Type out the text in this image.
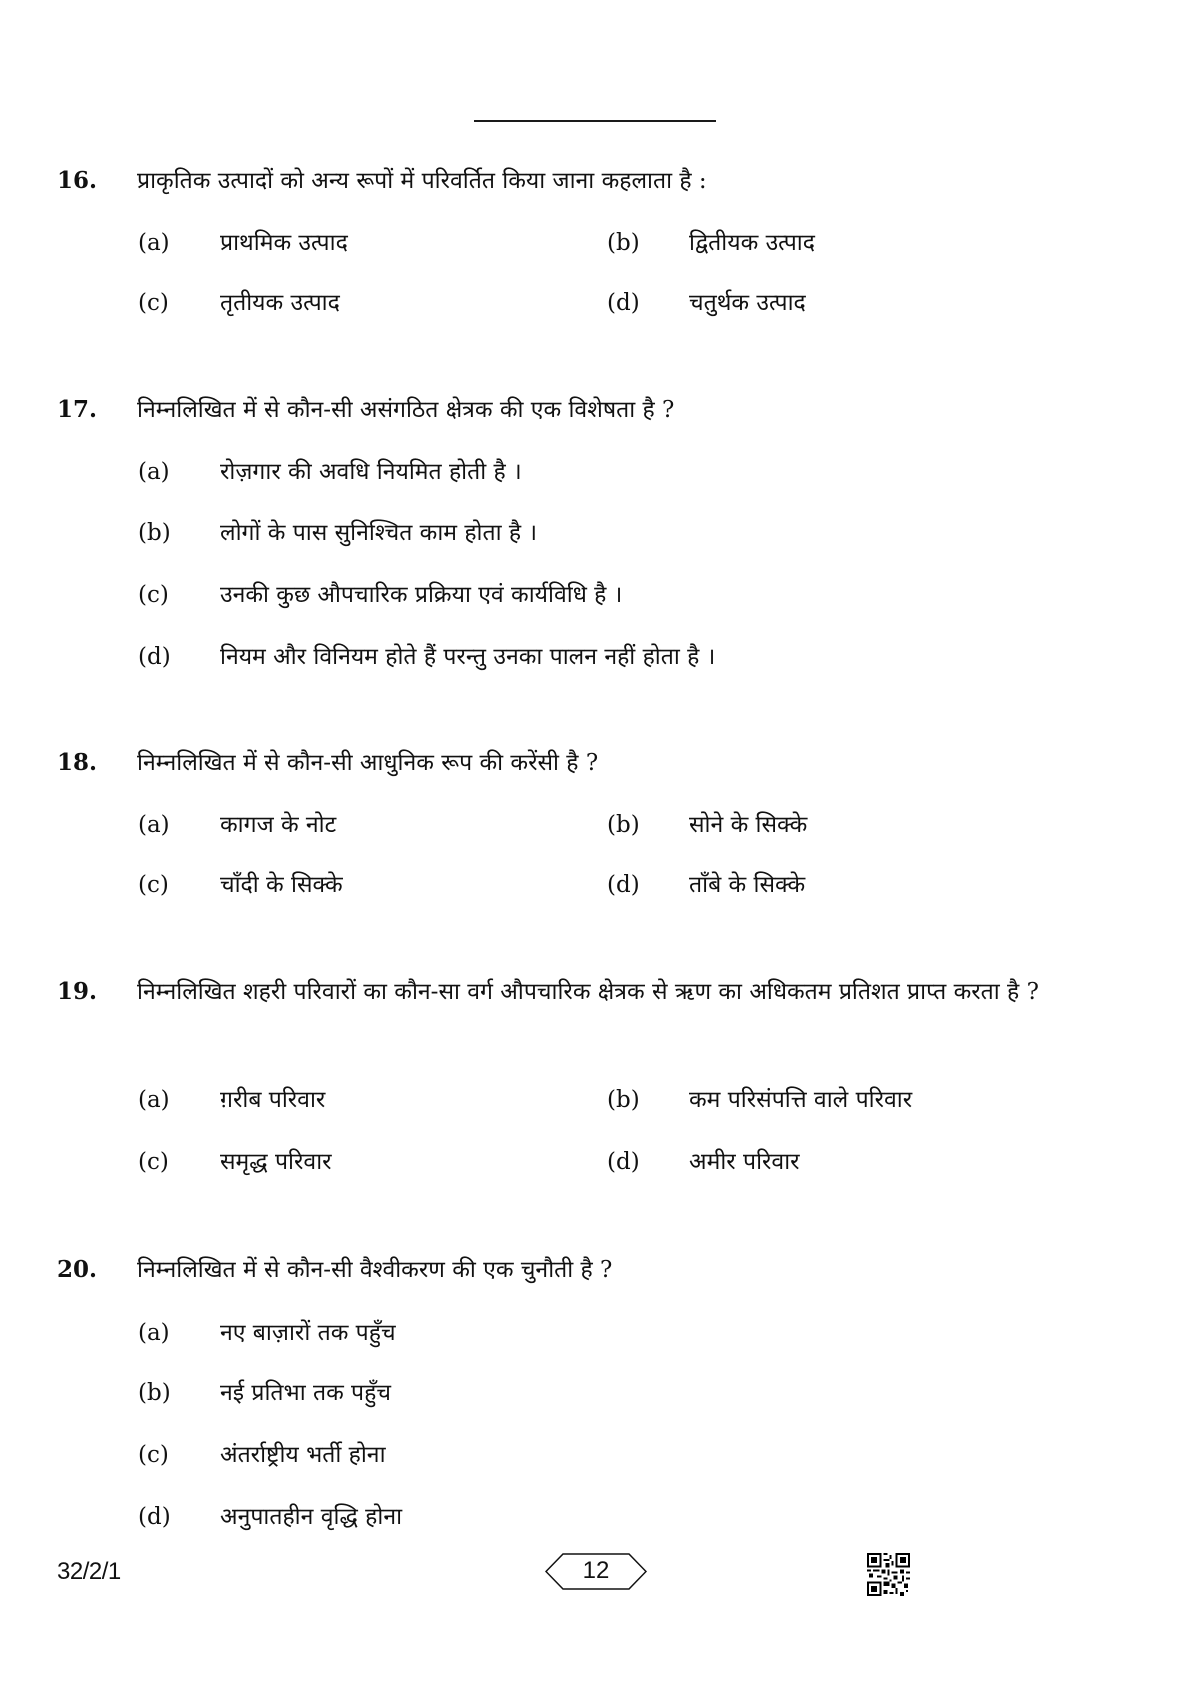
16. प्राकृतिक उत्पादों को अन्य रूपों में परिवर्तित किया जाना कहलाता है :
(a) प्राथमिक उत्पाद	(b) द्वितीयक उत्पाद
(c) तृतीयक उत्पाद	(d) चतुर्थक उत्पाद
17. निम्नलिखित में से कौन-सी असंगठित क्षेत्रक की एक विशेषता है ?
(a) रोज़गार की अवधि नियमित होती है ।
(b) लोगों के पास सुनिश्चित काम होता है ।
(c) उनकी कुछ औपचारिक प्रक्रिया एवं कार्यविधि है ।
(d) नियम और विनियम होते हैं परन्तु उनका पालन नहीं होता है ।
18. निम्नलिखित में से कौन-सी आधुनिक रूप की करेंसी है ?
(a) कागज के नोट	(b) सोने के सिक्के
(c) चाँदी के सिक्के	(d) ताँबे के सिक्के
19. निम्नलिखित शहरी परिवारों का कौन-सा वर्ग औपचारिक क्षेत्रक से ऋण का अधिकतम प्रतिशत प्राप्त करता है ?
(a) ग़रीब परिवार	(b) कम परिसंपत्ति वाले परिवार
(c) समृद्ध परिवार	(d) अमीर परिवार
20. निम्नलिखित में से कौन-सी वैश्वीकरण की एक चुनौती है ?
(a) नए बाज़ारों तक पहुँच
(b) नई प्रतिभा तक पहुँच
(c) अंतर्राष्ट्रीय भर्ती होना
(d) अनुपातहीन वृद्धि होना
32/2/1	12
